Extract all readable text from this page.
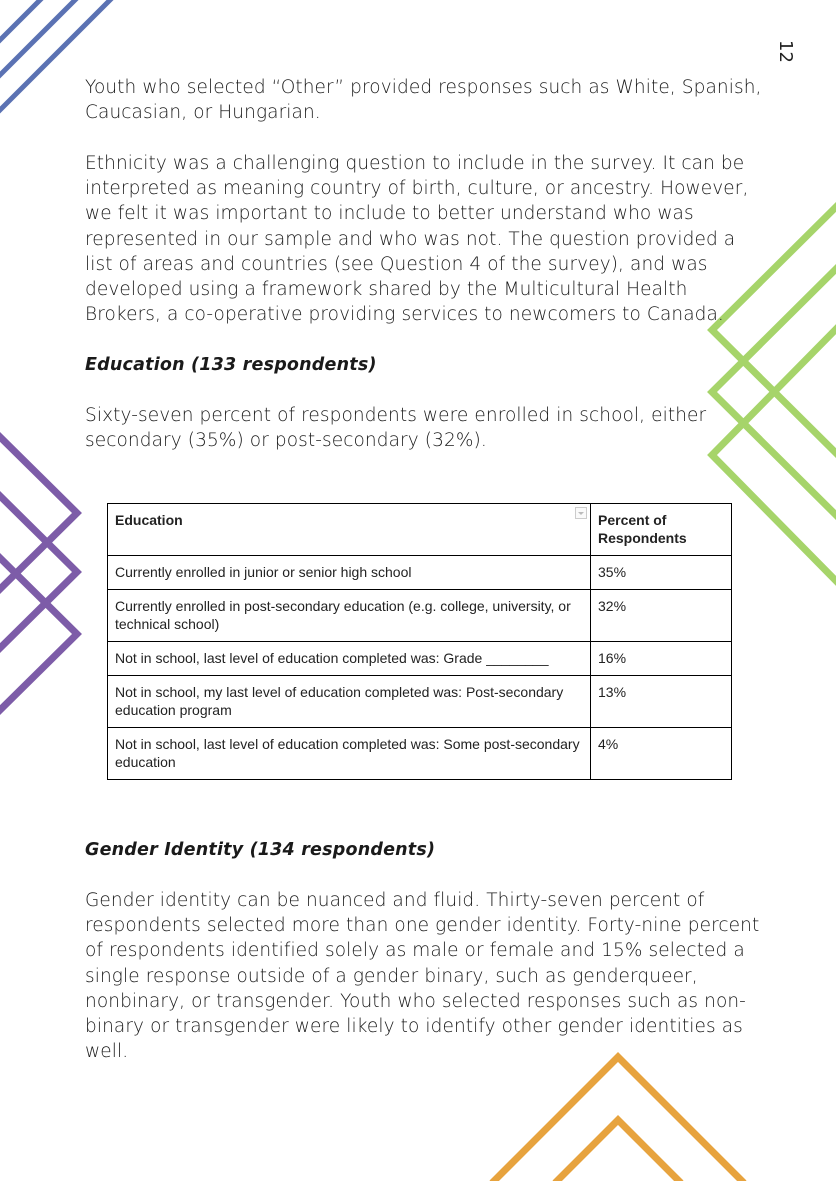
12

Youth who selected “Other” provided responses such as White, Spanish, Caucasian, or Hungarian.

Ethnicity was a challenging question to include in the survey. It can be interpreted as meaning country of birth, culture, or ancestry. However, we felt it was important to include to better understand who was represented in our sample and who was not. The question provided a list of areas and countries (see Question 4 of the survey), and was developed using a framework shared by the Multicultural Health Brokers, a co-operative providing services to newcomers to Canada.

Education (133 respondents)

Sixty-seven percent of respondents were enrolled in school, either secondary (35%) or post-secondary (32%).

Gender Identity (134 respondents)

Gender identity can be nuanced and fluid. Thirty-seven percent of respondents selected more than one gender identity. Forty-nine percent of respondents identified solely as male or female and 15% selected a single response outside of a gender binary, such as genderqueer, nonbinary, or transgender. Youth who selected responses such as non-binary or transgender were likely to identify other gender identities as well.

Education	Percent of Respondents
Currently enrolled in junior or senior high school	35%
Currently enrolled in post-secondary education (e.g. college, university, or technical school)	32%
Not in school, last level of education completed was: Grade ________	16%
Not in school, my last level of education completed was: Post-secondary education program	13%
Not in school, last level of education completed was: Some post-secondary education	4%
